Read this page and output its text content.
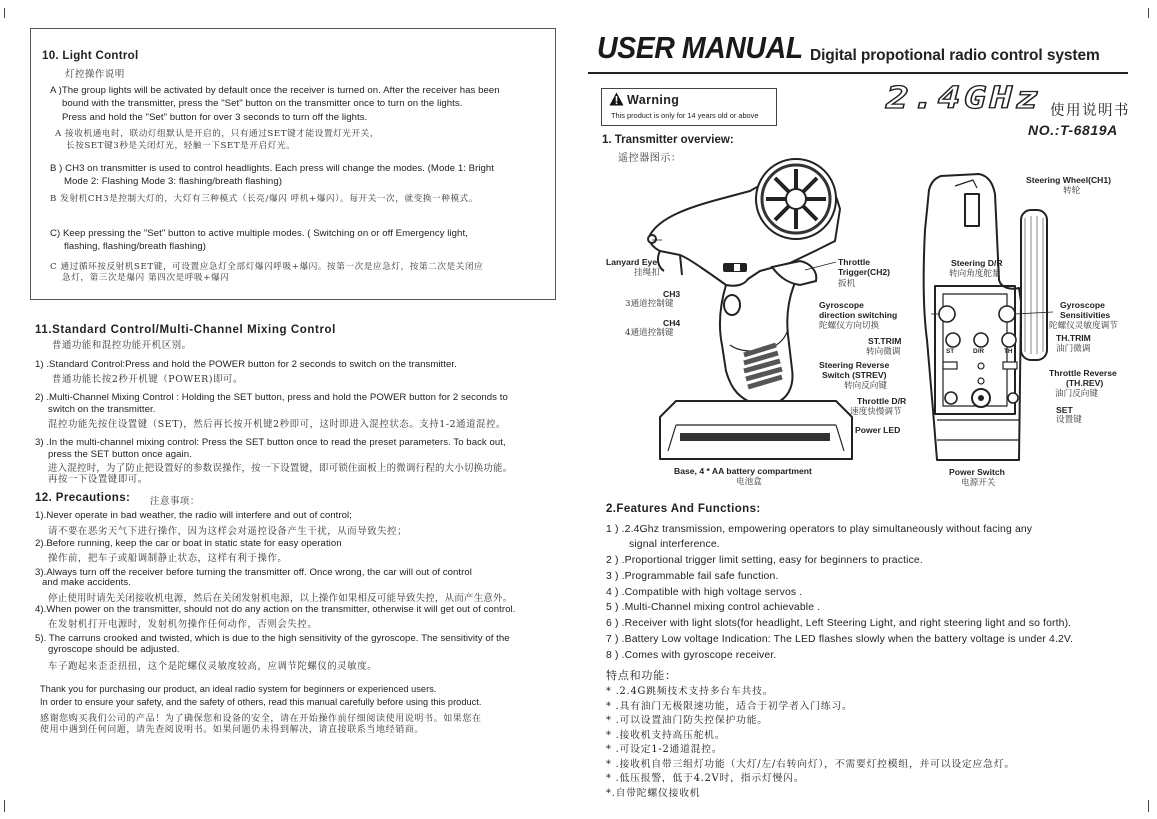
10. Light Control
灯控操作说明
A )The group lights will be activated by default once the receiver is turned on. After the receiver has been
bound with the transmitter, press the "Set" button on the transmitter once to turn on the lights.
Press and hold the "Set" button for over 3 seconds to turn off the lights.
A 接收机通电时，联动灯组默认是开启的，只有通过SET键才能设置灯光开关，
长按SET键3秒是关闭灯光，轻触一下SET是开启灯光。
B ) CH3 on transmitter is used to control headlights. Each press will change the modes. (Mode 1: Bright
Mode 2: Flashing Mode 3: flashing/breath flashing)
B 发射机CH3是控制大灯的，大灯有三种模式（长亮/爆闪 呼机+爆闪）。每开关一次，就变换一种模式。
C) Keep pressing the "Set" button to active multiple modes. ( Switching on or off Emergency light,
flashing, flashing/breath flashing)
C 通过循环按反射机SET键，可设置应急灯全部灯爆闪呼吸+爆闪。按第一次是应急灯，按第二次是关闭应
急灯，第三次是爆闪 第四次是呼吸+爆闪
11.Standard Control/Multi-Channel Mixing Control
普通功能和混控功能开机区别。
1) .Standard Control:Press and hold the POWER button for 2 seconds to switch on the transmitter.
普通功能长按2秒开机键（POWER)即可。
2) .Multi-Channel Mixing Control : Holding the SET button, press and hold the POWER button for 2 seconds to
switch on the transmitter.
混控功能先按住设置键（SET)，然后再长按开机键2秒即可，这时即进入混控状态。支持1-2通道混控。
3) .In the multi-channel mixing control: Press the SET button once to read the preset parameters. To back out,
press the SET button once again.
进入混控时，为了防止把设置好的参数误操作，按一下设置键，即可锁住面板上的微调行程的大小切换功能。
再按一下设置键即可。
12. Precautions: 注意事项：
1).Never operate in bad weather, the radio will interfere and out of control;
请不要在恶劣天气下进行操作，因为这样会对遥控设备产生干扰，从而导致失控；
2).Before running, keep the car or boat in static state for easy operation
操作前，把车子或船调制静止状态，这样有利于操作。
3).Always turn off the receiver before turning the transmitter off. Once wrong, the car will out of control
and make accidents.
停止使用时请先关闭接收机电源，然后在关闭发射机电源，以上操作如果相反可能导致失控，从而产生意外。
4).When power on the transmitter, should not do any action on the transmitter, otherwise it will get out of control.
在发射机打开电源时，发射机勿操作任何动作，否则会失控。
5). The carruns crooked and twisted, which is due to the high sensitivity of the gyroscope. The sensitivity of the
gyroscope should be adjusted.
车子跑起来歪歪扭扭，这个是陀螺仪灵敏度较高，应调节陀螺仪的灵敏度。
Thank you for purchasing our product, an ideal radio system for beginners or experienced users.
In order to ensure your safety, and the safety of others, read this manual carefully before using this product.
感谢您购买我们公司的产品！为了确保您和设备的安全，请在开始操作前仔细阅读使用说明书。如果您在
使用中遇到任何问题，请先查阅说明书。如果问题仍未得到解决，请直接联系当地经销商。
USER MANUAL Digital propotional radio control system
Warning
This product is only for 14 years old or above
2.4GHz 使用说明书
NO.:T-6819A
1. Transmitter overview:
遥控器图示：
Lanyard Eye
挂绳扣
CH3
3通道控制键
CH4
4通道控制键
Throttle
Trigger(CH2)
扳机
Base, 4 * AA battery compartment
电池盒
ST	D/R	TH
Steering Wheel(CH1)
转轮
Steering D/R
转向角度舵量
Gyroscope
direction switching
陀螺仪方向切换
ST.TRIM
转向微调
Steering Reverse
Switch (STREV)
转向反向键
Throttle D/R
速度快慢调节
Power LED
Power Switch
电源开关
Gyroscope
Sensitivities
陀螺仪灵敏度调节
TH.TRIM
油门微调
Throttle Reverse
(TH.REV)
油门反向键
SET
设置键
2.Features And Functions:
1 ) .2.4Ghz transmission, empowering operators to play simultaneously without facing any
signal interference.
2 ) .Proportional trigger limit setting, easy for beginners to practice.
3 ) .Programmable fail safe function.
4 ) .Compatible with high voltage servos .
5 ) .Multi-Channel mixing control achievable .
6 ) .Receiver with light slots(for headlight, Left Steering Light, and right steering light and so forth).
7 ) .Battery Low voltage Indication: The LED flashes slowly when the battery voltage is under 4.2V.
8 ) .Comes with gyroscope receiver.
特点和功能：
* .2.4G跳频技术支持多台车共技。
* .具有油门无极限速功能，适合于初学者入门练习。
* .可以设置油门防失控保护功能。
* .接收机支持高压舵机。
* .可设定1-2通道混控。
* .接收机自带三组灯功能（大灯/左/右转向灯），不需要灯控模组，并可以设定应急灯。
* .低压报警，低于4.2V时，指示灯慢闪。
*.自带陀螺仪接收机
